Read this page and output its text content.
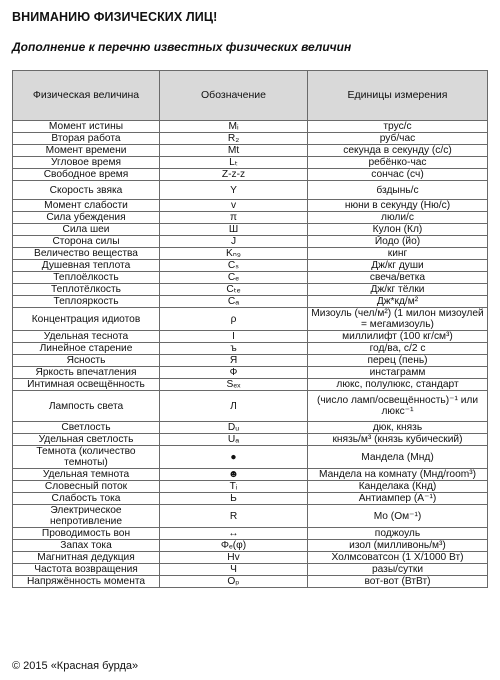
ВНИМАНИЮ ФИЗИЧЕСКИХ ЛИЦ!
Дополнение к перечню известных физических величин
Физическая величина	Обозначение	Единицы измерения
Момент истины	Mᵢ	трус/с
Вторая работа	R₂	руб/час
Момент времени	Mt	секунда в секунду (с/с)
Угловое время	Lₜ	ребёнко-час
Свободное время	Z-z-z	сончас (сч)
Скорость звяка	Y	бздынь/с
Момент слабости	v	нюни в секунду (Ню/с)
Сила убеждения	π	люли/с
Сила шеи	Ш	Кулон (Кл)
Сторона силы	J	Йодо (йо)
Величество вещества	Kₙ₉	кинг
Душевная теплота	Cₛ	Дж/кг души
Теплоёлкость	Cₑ	свеча/ветка
Теплотёлкость	Cₜₑ	Дж/кг тёлки
Теплояркость	Cₐ	Дж*кд/м²
Концентрация идиотов	ρ	Мизоуль (чел/м²) (1 милон мизоулей = мегамизоуль)
Удельная теснота	I	миллилифт (100 кг/см³)
Линейное старение	ъ	год/ва, с/2 с
Ясность	Я	перец (пень)
Яркость впечатления	Ф	инстаграмм
Интимная освещённость	Sₑₓ	люкс, полулюкс, стандарт
Лампость света	Л	(число ламп/освещённость)⁻¹ или люкс⁻¹
Светлость	Dᵤ	дюк, князь
Удельная светлость	Uₐ	князь/м³ (князь кубический)
Темнота (количество темноты)	●	Мандела (Мнд)
Удельная темнота	☻	Мандела на комнату (Мнд/room³)
Словесный поток	Tᵢ	Канделака (Кнд)
Слабость тока	Ь	Антиампер (А⁻¹)
Электрическое непротивление	R	Мо (Ом⁻¹)
Проводимость вон	↔	поджоуль
Запах тока	Φₑ(φ)	изол (милливонь/м³)
Магнитная дедукция	Hv	Холмсоватсон (1 Х/1000 Вт)
Частота возвращения	Ч	разы/сутки
Напряжённость момента	Oₚ	вот-вот (ВтВт)
© 2015 «Красная бурда»
